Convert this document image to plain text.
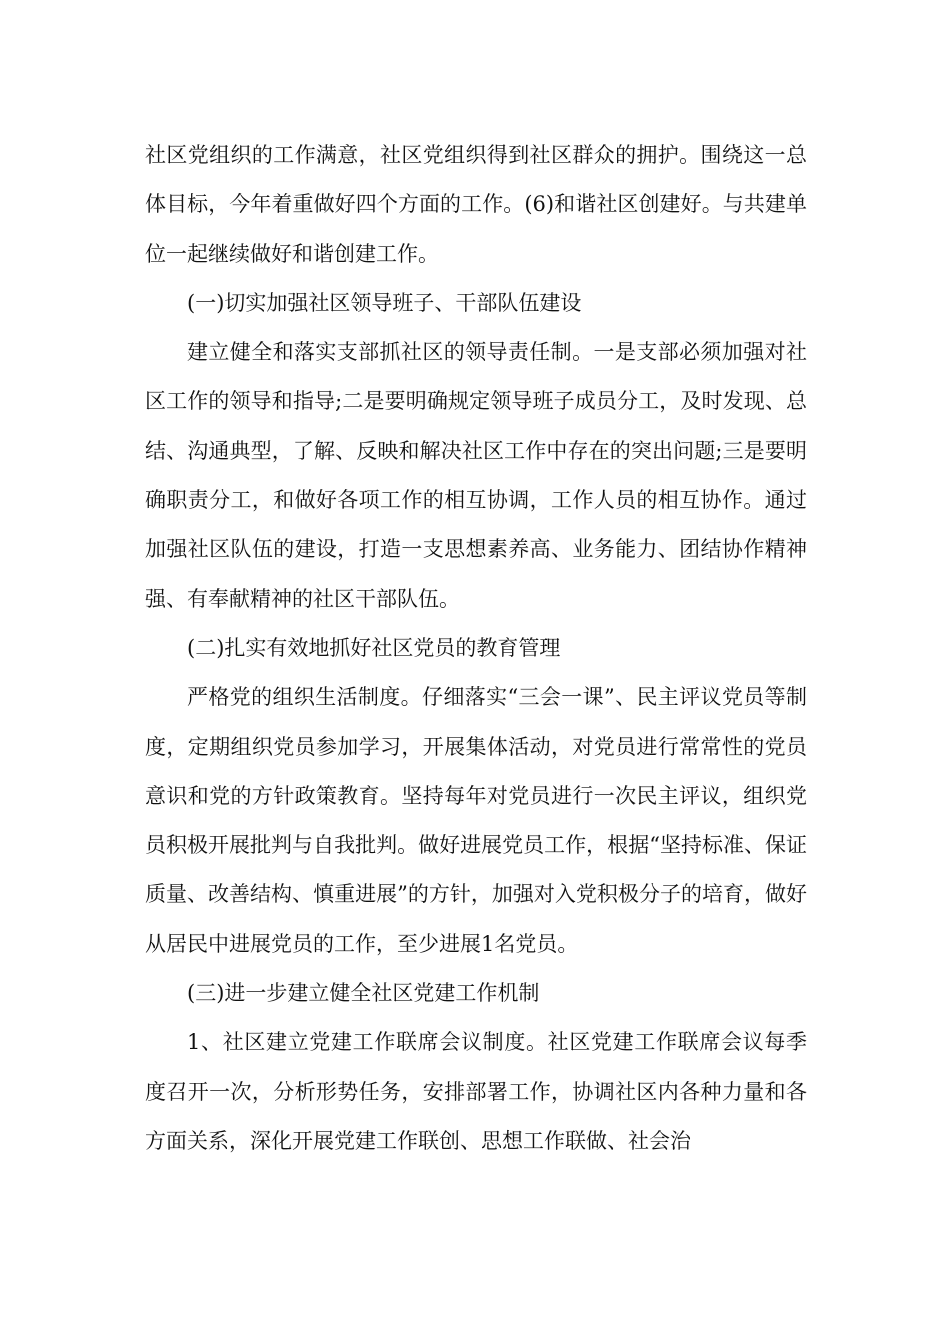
社区党组织的工作满意，社区党组织得到社区群众的拥护。围绕这一总体目标，今年着重做好四个方面的工作。(6)和谐社区创建好。与共建单位一起继续做好和谐创建工作。

(一)切实加强社区领导班子、干部队伍建设

建立健全和落实支部抓社区的领导责任制。一是支部必须加强对社区工作的领导和指导;二是要明确规定领导班子成员分工，及时发现、总结、沟通典型，了解、反映和解决社区工作中存在的突出问题;三是要明确职责分工，和做好各项工作的相互协调，工作人员的相互协作。通过加强社区队伍的建设，打造一支思想素养高、业务能力、团结协作精神强、有奉献精神的社区干部队伍。

(二)扎实有效地抓好社区党员的教育管理

严格党的组织生活制度。仔细落实“三会一课”、民主评议党员等制度，定期组织党员参加学习，开展集体活动，对党员进行常常性的党员意识和党的方针政策教育。坚持每年对党员进行一次民主评议，组织党员积极开展批判与自我批判。做好进展党员工作，根据“坚持标准、保证质量、改善结构、慎重进展”的方针，加强对入党积极分子的培育，做好从居民中进展党员的工作，至少进展1名党员。

(三)进一步建立健全社区党建工作机制

1、社区建立党建工作联席会议制度。社区党建工作联席会议每季度召开一次，分析形势任务，安排部署工作，协调社区内各种力量和各方面关系，深化开展党建工作联创、思想工作联做、社会治
